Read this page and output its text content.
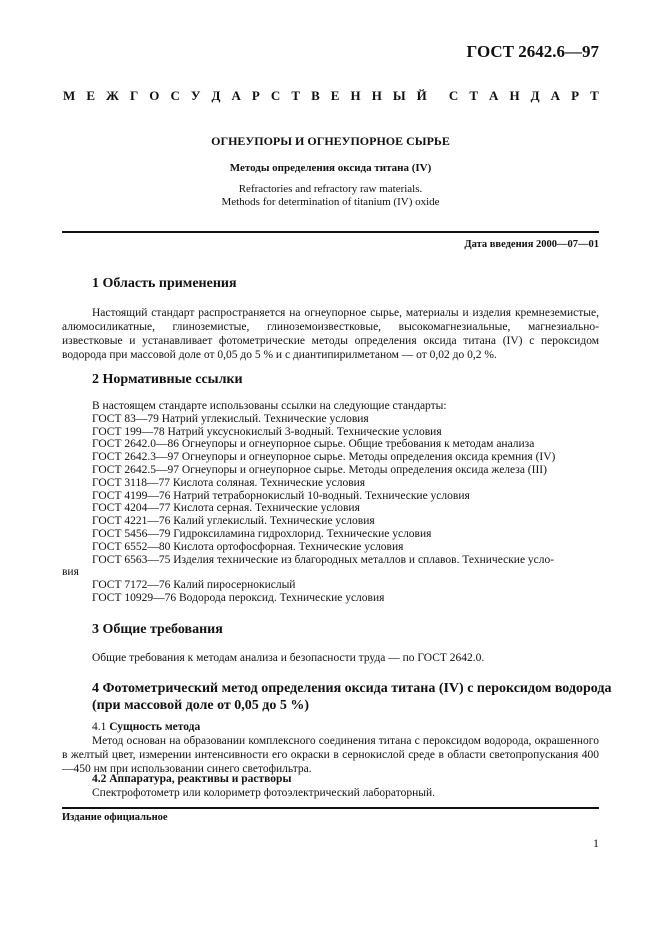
ГОСТ 2642.6—97
М Е Ж Г О С У Д А Р С Т В Е Н Н Ы Й С Т А Н Д А Р Т
ОГНЕУПОРЫ И ОГНЕУПОРНОЕ СЫРЬЕ
Методы определения оксида титана (IV)
Refractories and refractory raw materials.
Methods for determination of titanium (IV) oxide
Дата введения 2000—07—01
1 Область применения
Настоящий стандарт распространяется на огнеупорное сырье, материалы и изделия кремнеземистые, алюмосиликатные, глиноземистые, глиноземоизвестковые, высокомагнезиальные, магнезиально-известковые и устанавливает фотометрические методы определения оксида титана (IV) с пероксидом водорода при массовой доле от 0,05 до 5 % и с диантипирилметаном — от 0,02 до 0,2 %.
2 Нормативные ссылки
В настоящем стандарте использованы ссылки на следующие стандарты:
ГОСТ 83—79 Натрий углекислый. Технические условия
ГОСТ 199—78 Натрий уксуснокислый 3-водный. Технические условия
ГОСТ 2642.0—86 Огнеупоры и огнеупорное сырье. Общие требования к методам анализа
ГОСТ 2642.3—97 Огнеупоры и огнеупорное сырье. Методы определения оксида кремния (IV)
ГОСТ 2642.5—97 Огнеупоры и огнеупорное сырье. Методы определения оксида железа (III)
ГОСТ 3118—77 Кислота соляная. Технические условия
ГОСТ 4199—76 Натрий тетраборнокислый 10-водный. Технические условия
ГОСТ 4204—77 Кислота серная. Технические условия
ГОСТ 4221—76 Калий углекислый. Технические условия
ГОСТ 5456—79 Гидроксиламина гидрохлорид. Технические условия
ГОСТ 6552—80 Кислота ортофосфорная. Технические условия
ГОСТ 6563—75 Изделия технические из благородных металлов и сплавов. Технические усло-
вия
ГОСТ 7172—76 Калий пиросернокислый
ГОСТ 10929—76 Водорода пероксид. Технические условия
3 Общие требования
Общие требования к методам анализа и безопасности труда — по ГОСТ 2642.0.
4 Фотометрический метод определения оксида титана (IV) с пероксидом водорода
(при массовой доле от 0,05 до 5 %)
4.1 Сущность метода
Метод основан на образовании комплексного соединения титана с пероксидом водорода, окрашенного в желтый цвет, измерении интенсивности его окраски в сернокислой среде в области светопропускания 400—450 нм при использовании синего светофильтра.
4.2 Аппаратура, реактивы и растворы
Спектрофотометр или колориметр фотоэлектрический лабораторный.
Издание официальное
1
